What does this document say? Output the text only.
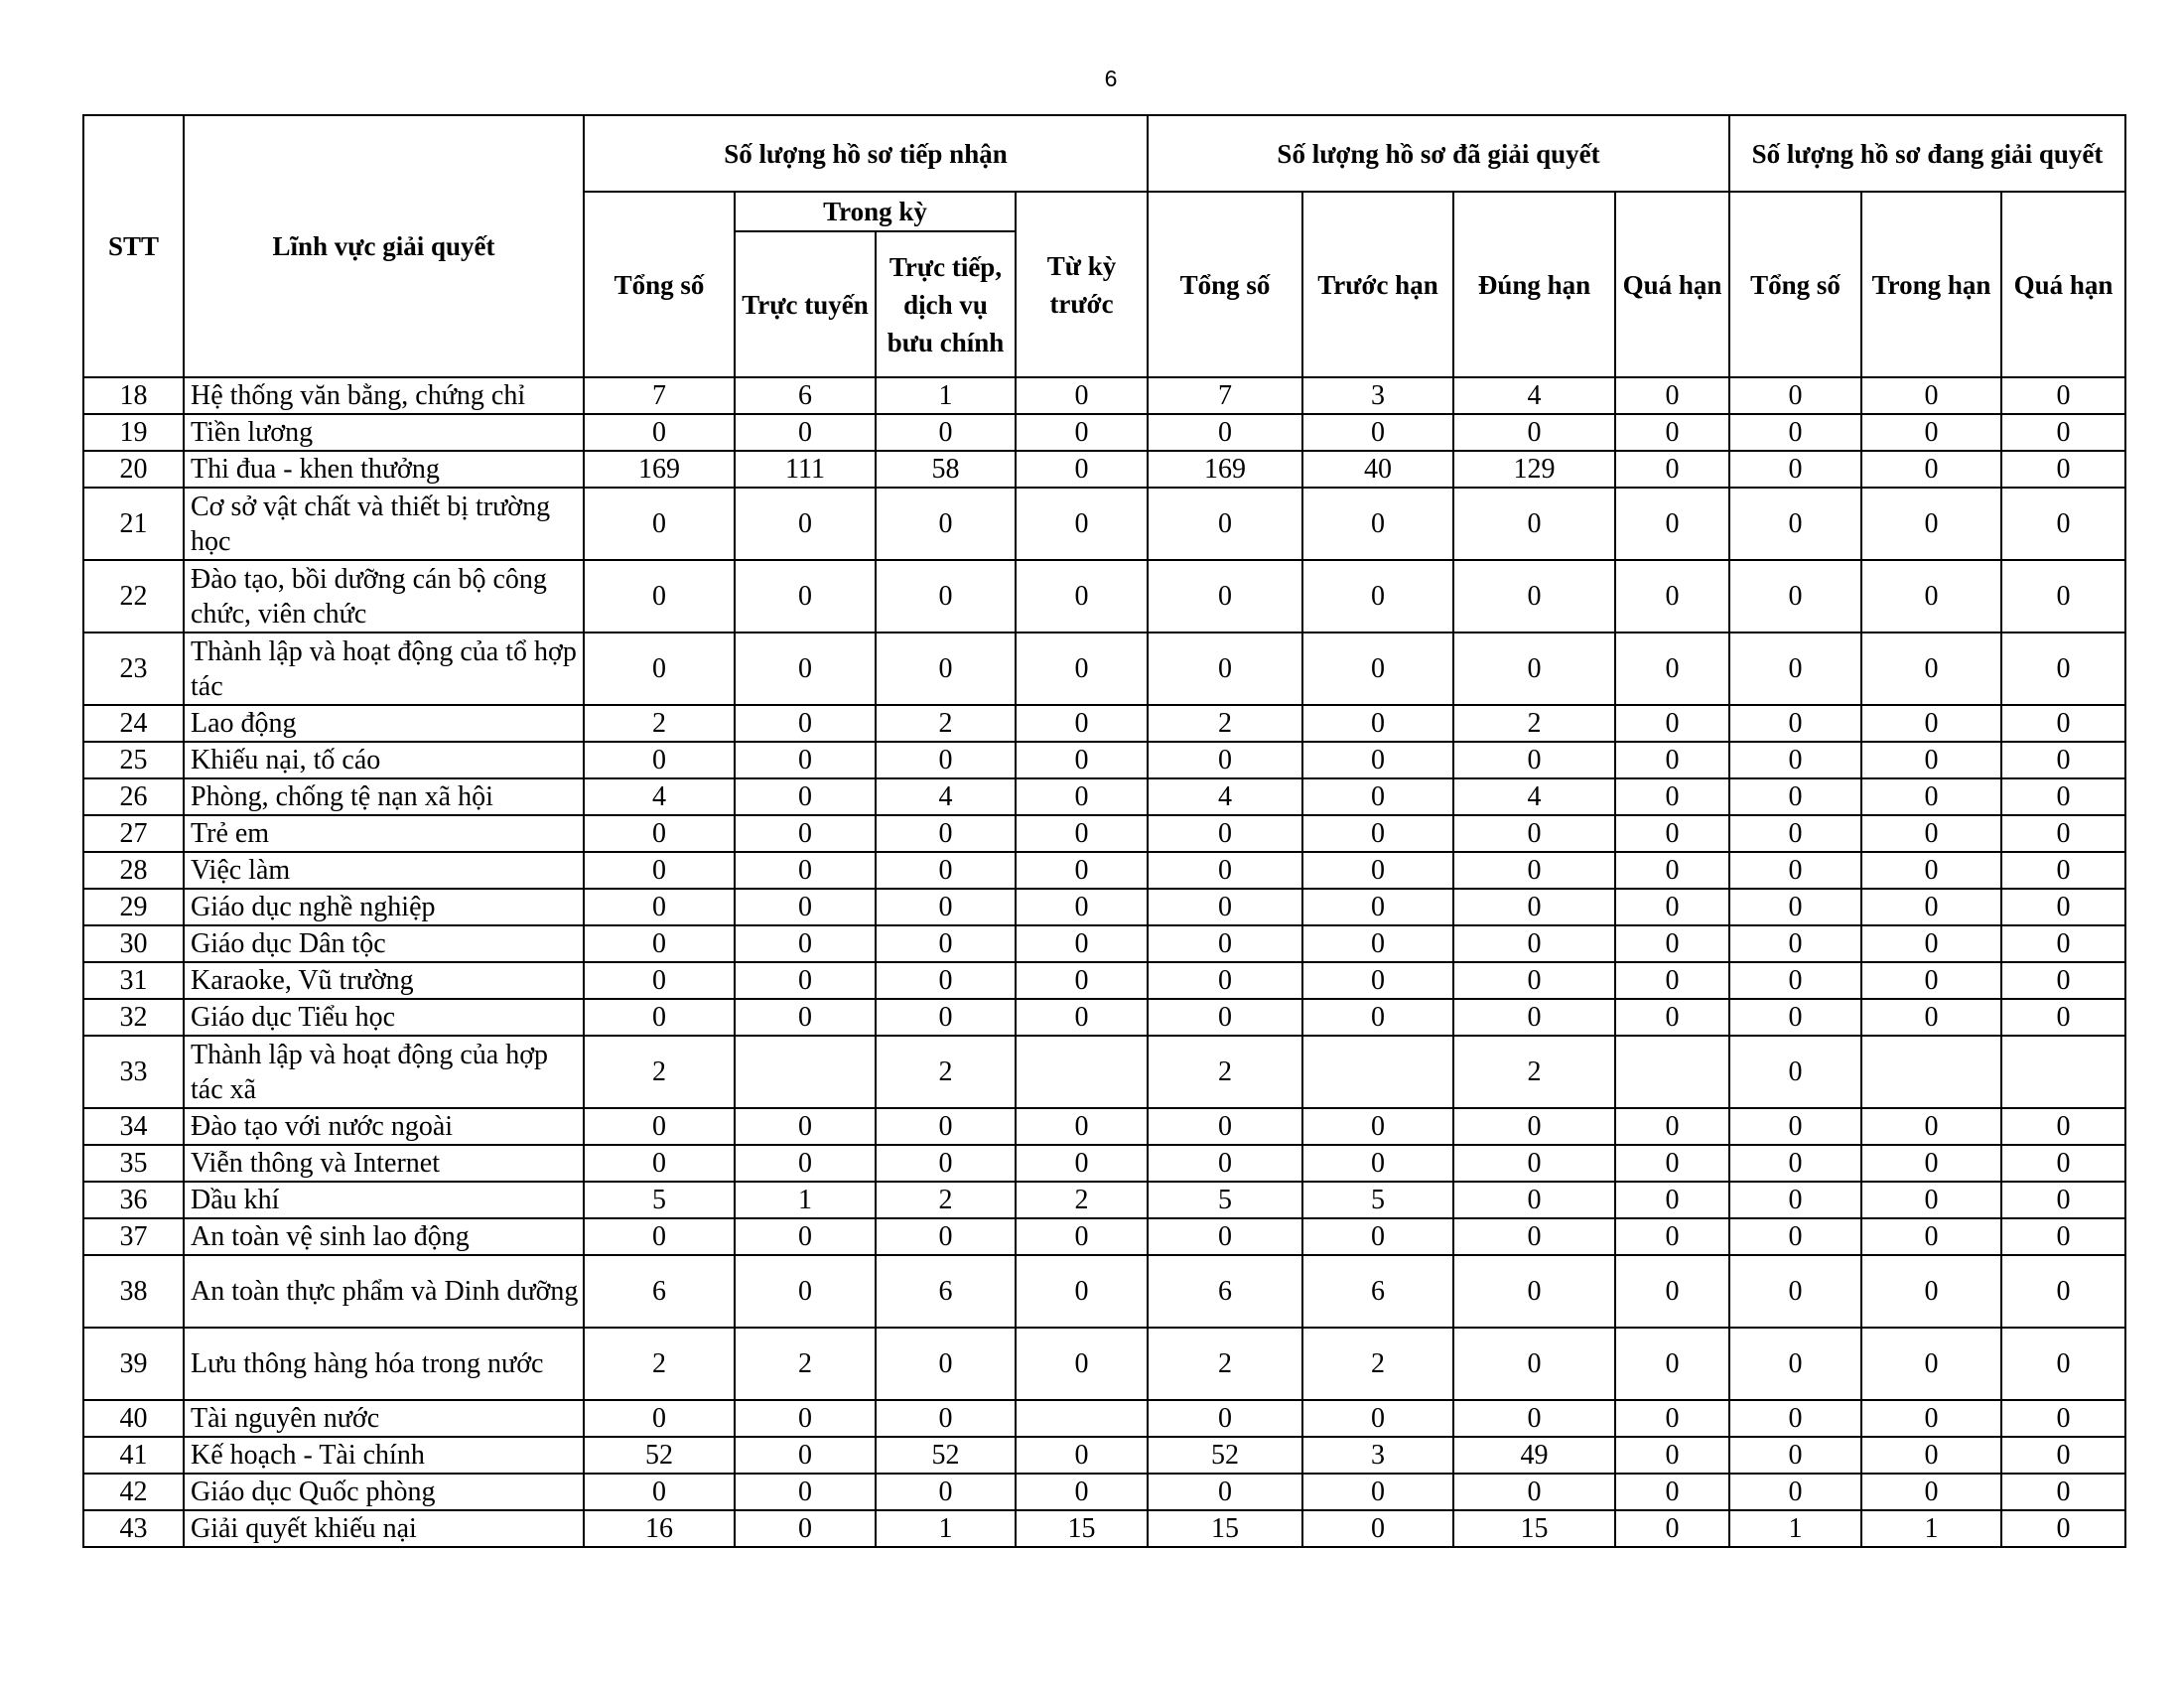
6
STT	Lĩnh vực giải quyết	Số lượng hồ sơ tiếp nhận				Số lượng hồ sơ đã giải quyết				Số lượng hồ sơ đang giải quyết		
		Tổng số	Trong kỳ		Từ kỳ trước	Tổng số	Trước hạn	Đúng hạn	Quá hạn	Tổng số	Trong hạn	Quá hạn
			Trực tuyến	Trực tiếp, dịch vụ bưu chính								
18	Hệ thống văn bằng, chứng chỉ	7	6	1	0	7	3	4	0	0	0	0
19	Tiền lương	0	0	0	0	0	0	0	0	0	0	0
20	Thi đua - khen thưởng	169	111	58	0	169	40	129	0	0	0	0
21	Cơ sở vật chất và thiết bị trường học	0	0	0	0	0	0	0	0	0	0	0
22	Đào tạo, bồi dưỡng cán bộ công chức, viên chức	0	0	0	0	0	0	0	0	0	0	0
23	Thành lập và hoạt động của tổ hợp tác	0	0	0	0	0	0	0	0	0	0	0
24	Lao động	2	0	2	0	2	0	2	0	0	0	0
25	Khiếu nại, tố cáo	0	0	0	0	0	0	0	0	0	0	0
26	Phòng, chống tệ nạn xã hội	4	0	4	0	4	0	4	0	0	0	0
27	Trẻ em	0	0	0	0	0	0	0	0	0	0	0
28	Việc làm	0	0	0	0	0	0	0	0	0	0	0
29	Giáo dục nghề nghiệp	0	0	0	0	0	0	0	0	0	0	0
30	Giáo dục Dân tộc	0	0	0	0	0	0	0	0	0	0	0
31	Karaoke, Vũ trường	0	0	0	0	0	0	0	0	0	0	0
32	Giáo dục Tiểu học	0	0	0	0	0	0	0	0	0	0	0
33	Thành lập và hoạt động của hợp tác xã	2		2		2		2		0		
34	Đào tạo với nước ngoài	0	0	0	0	0	0	0	0	0	0	0
35	Viễn thông và Internet	0	0	0	0	0	0	0	0	0	0	0
36	Dầu khí	5	1	2	2	5	5	0	0	0	0	0
37	An toàn vệ sinh lao động	0	0	0	0	0	0	0	0	0	0	0
38	An toàn thực phẩm và Dinh dưỡng	6	0	6	0	6	6	0	0	0	0	0
39	Lưu thông hàng hóa trong nước	2	2	0	0	2	2	0	0	0	0	0
40	Tài nguyên nước	0	0	0		0	0	0	0	0	0	0
41	Kế hoạch - Tài chính	52	0	52	0	52	3	49	0	0	0	0
42	Giáo dục Quốc phòng	0	0	0	0	0	0	0	0	0	0	0
43	Giải quyết khiếu nại	16	0	1	15	15	0	15	0	1	1	0
